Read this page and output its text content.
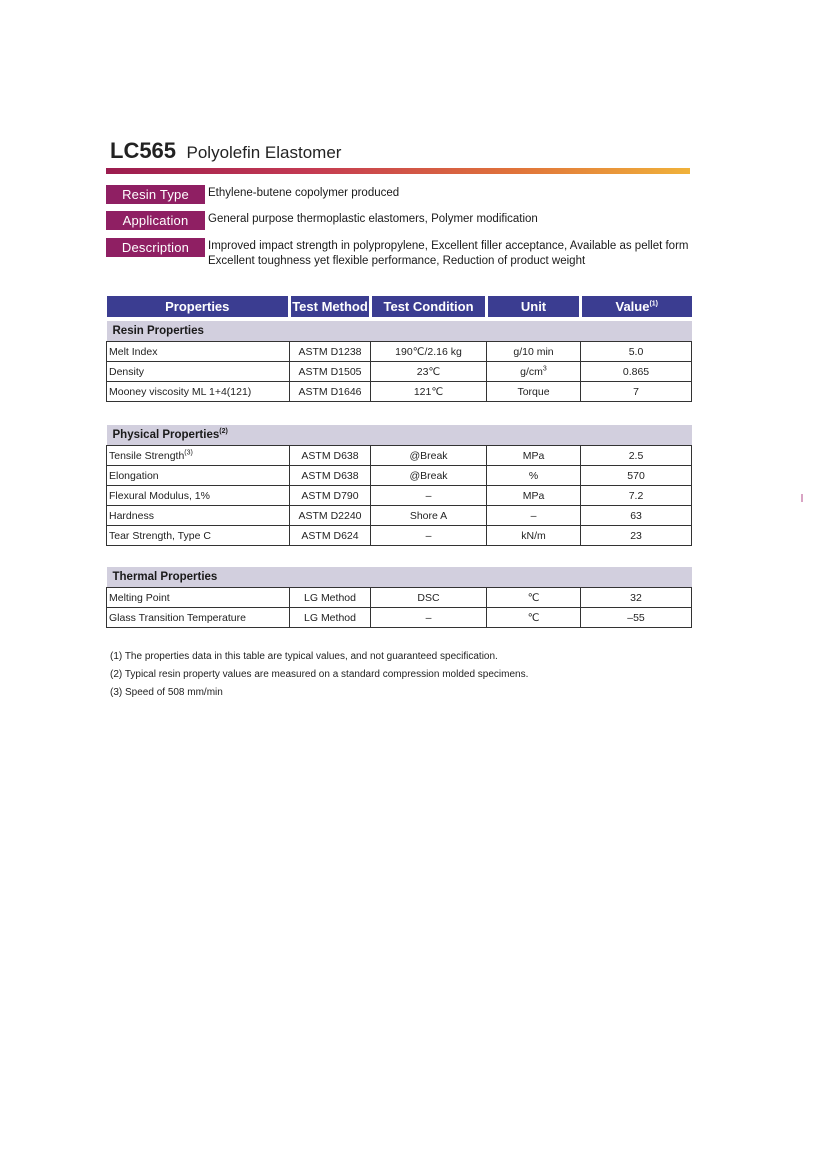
LC565 Polyolefin Elastomer
Resin Type	Ethylene-butene copolymer produced
Application	General purpose thermoplastic elastomers, Polymer modification
Description	Improved impact strength in polypropylene, Excellent filler acceptance, Available as pellet form
Excellent toughness yet flexible performance, Reduction of product weight
Properties	Test Method	Test Condition	Unit	Value$^{(1)}$

Resin Properties				
Melt Index	ASTM D1238	190℃/2.16 kg	g/10 min	5.0
Density	ASTM D1505	23℃	$g/cm^3$	0.865
Mooney viscosity ML 1+4(121)	ASTM D1646	121℃	Torque	7
Physical Properties$^{(2)}$
Tensile Strength$^{(3)}$	ASTM D638	@Break	MPa	2.5
Elongation	ASTM D638	@Break	%	570
Flexural Modulus, 1%	ASTM D790	–	MPa	7.2
Hardness	ASTM D2240	Shore A	–	63
Tear Strength, Type C	ASTM D624	–	kN/m	23
Thermal Properties				
Melting Point	LG Method	DSC	℃	32
Glass Transition Temperature	LG Method	–	℃	–55
(1) The properties data in this table are typical values, and not guaranteed specification.
(2) Typical resin property values are measured on a standard compression molded specimens.
(3) Speed of 508 mm/min
